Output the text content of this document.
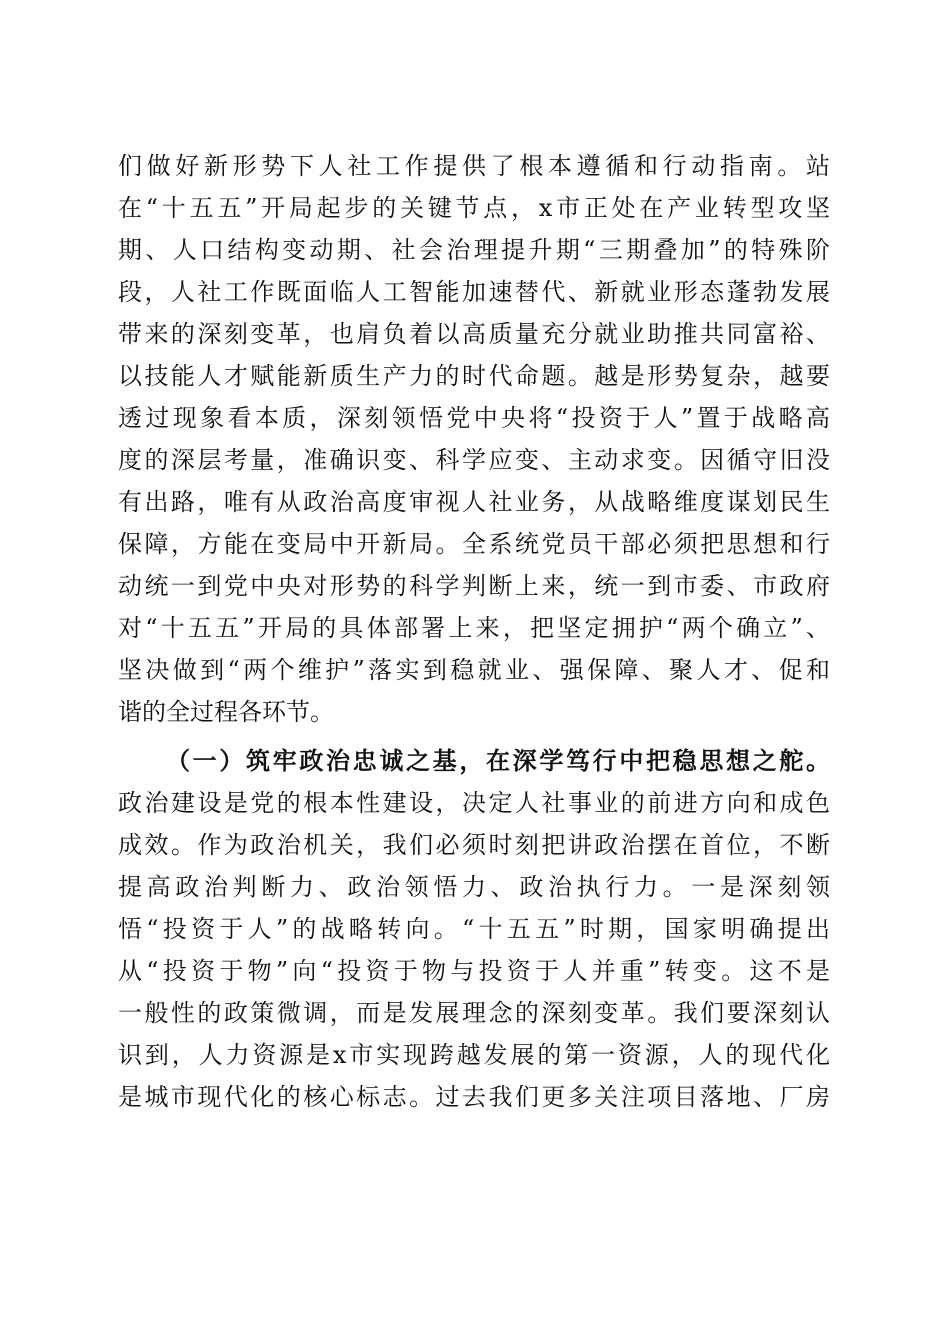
们做好新形势下人社工作提供了根本遵循和行动指南。站
在“十五五”开局起步的关键节点，x市正处在产业转型攻坚
期、人口结构变动期、社会治理提升期“三期叠加”的特殊阶
段，人社工作既面临人工智能加速替代、新就业形态蓬勃发展
带来的深刻变革，也肩负着以高质量充分就业助推共同富裕、
以技能人才赋能新质生产力的时代命题。越是形势复杂，越要
透过现象看本质，深刻领悟党中央将“投资于人”置于战略高
度的深层考量，准确识变、科学应变、主动求变。因循守旧没
有出路，唯有从政治高度审视人社业务，从战略维度谋划民生
保障，方能在变局中开新局。全系统党员干部必须把思想和行
动统一到党中央对形势的科学判断上来，统一到市委、市政府
对“十五五”开局的具体部署上来，把坚定拥护“两个确立”、
坚决做到“两个维护”落实到稳就业、强保障、聚人才、促和
谐的全过程各环节。
（一）筑牢政治忠诚之基，在深学笃行中把稳思想之舵。
政治建设是党的根本性建设，决定人社事业的前进方向和成色
成效。作为政治机关，我们必须时刻把讲政治摆在首位，不断
提高政治判断力、政治领悟力、政治执行力。一是深刻领
悟“投资于人”的战略转向。“十五五”时期，国家明确提出
从“投资于物”向“投资于物与投资于人并重”转变。这不是
一般性的政策微调，而是发展理念的深刻变革。我们要深刻认
识到，人力资源是x市实现跨越发展的第一资源，人的现代化
是城市现代化的核心标志。过去我们更多关注项目落地、厂房
